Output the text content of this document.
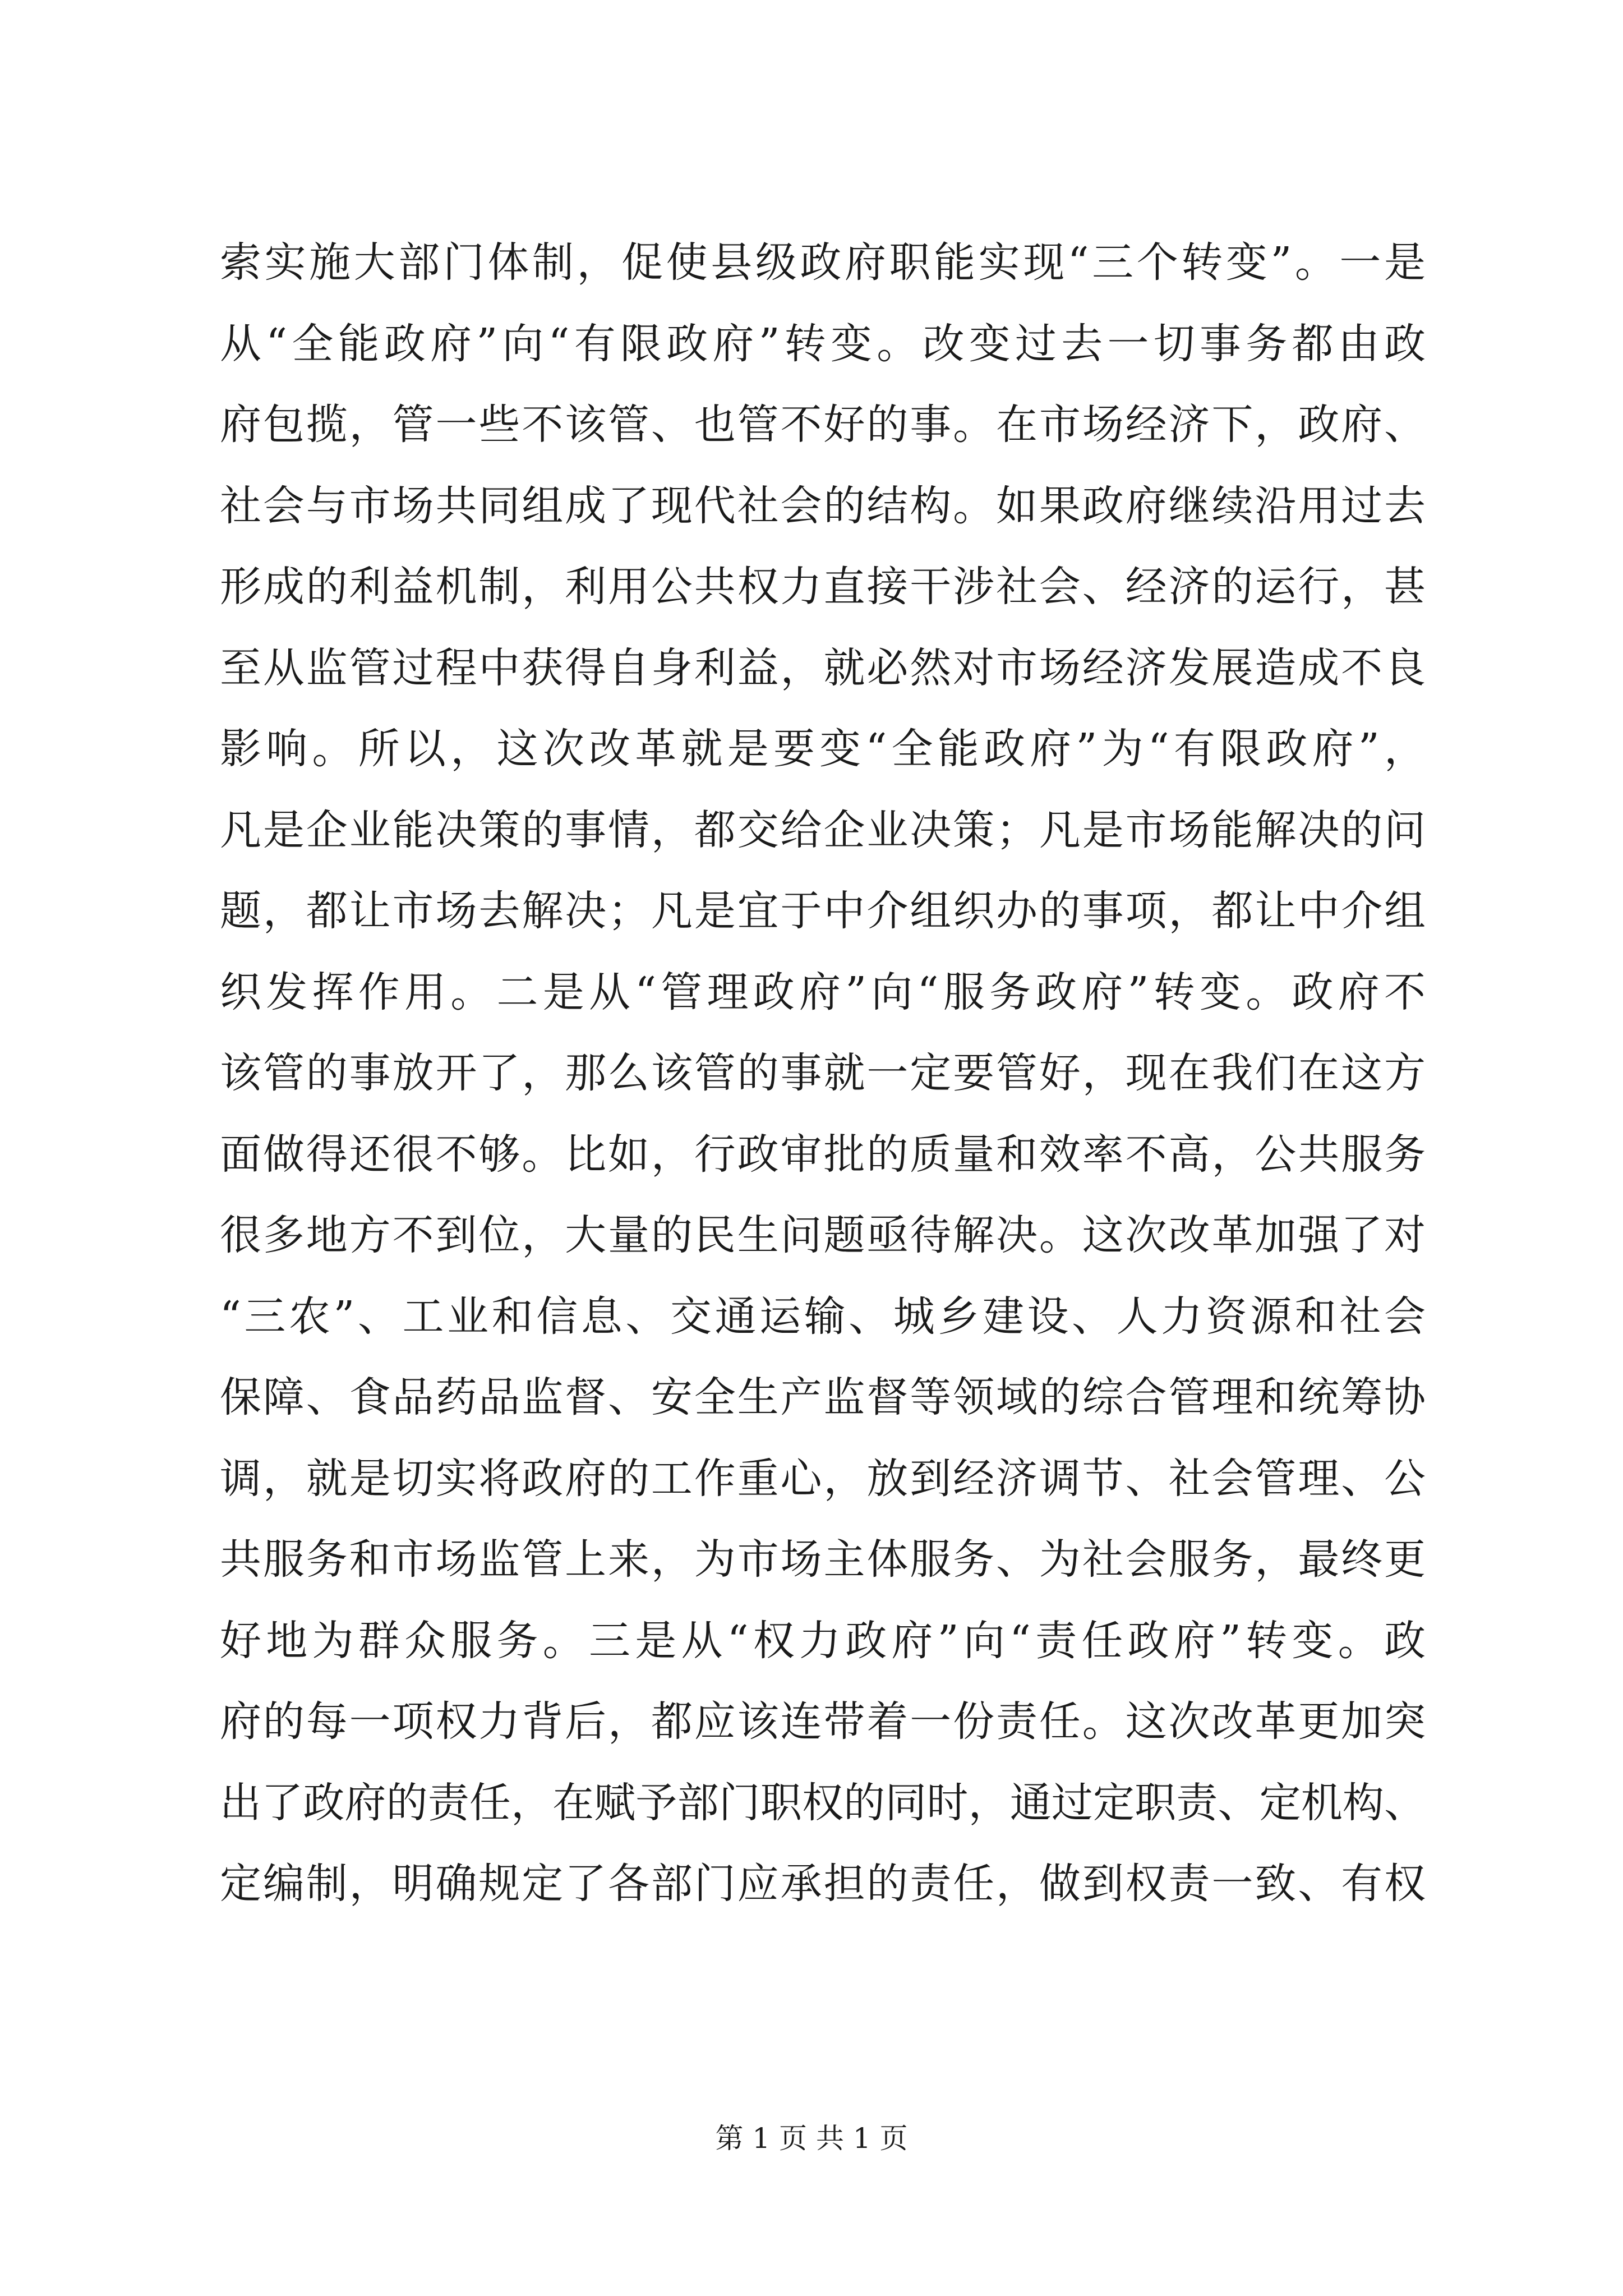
索实施大部门体制，促使县级政府职能实现“三个转变”。一是
从“全能政府”向“有限政府”转变。改变过去一切事务都由政
府包揽，管一些不该管、也管不好的事。在市场经济下，政府、
社会与市场共同组成了现代社会的结构。如果政府继续沿用过去
形成的利益机制，利用公共权力直接干涉社会、经济的运行，甚
至从监管过程中获得自身利益，就必然对市场经济发展造成不良
影响。所以，这次改革就是要变“全能政府”为“有限政府”，
凡是企业能决策的事情，都交给企业决策；凡是市场能解决的问
题，都让市场去解决；凡是宜于中介组织办的事项，都让中介组
织发挥作用。二是从“管理政府”向“服务政府”转变。政府不
该管的事放开了，那么该管的事就一定要管好，现在我们在这方
面做得还很不够。比如，行政审批的质量和效率不高，公共服务
很多地方不到位，大量的民生问题亟待解决。这次改革加强了对
“三农”、工业和信息、交通运输、城乡建设、人力资源和社会
保障、食品药品监督、安全生产监督等领域的综合管理和统筹协
调，就是切实将政府的工作重心，放到经济调节、社会管理、公
共服务和市场监管上来，为市场主体服务、为社会服务，最终更
好地为群众服务。三是从“权力政府”向“责任政府”转变。政
府的每一项权力背后，都应该连带着一份责任。这次改革更加突
出了政府的责任，在赋予部门职权的同时，通过定职责、定机构、
定编制，明确规定了各部门应承担的责任，做到权责一致、有权
第 1 页 共 1 页
